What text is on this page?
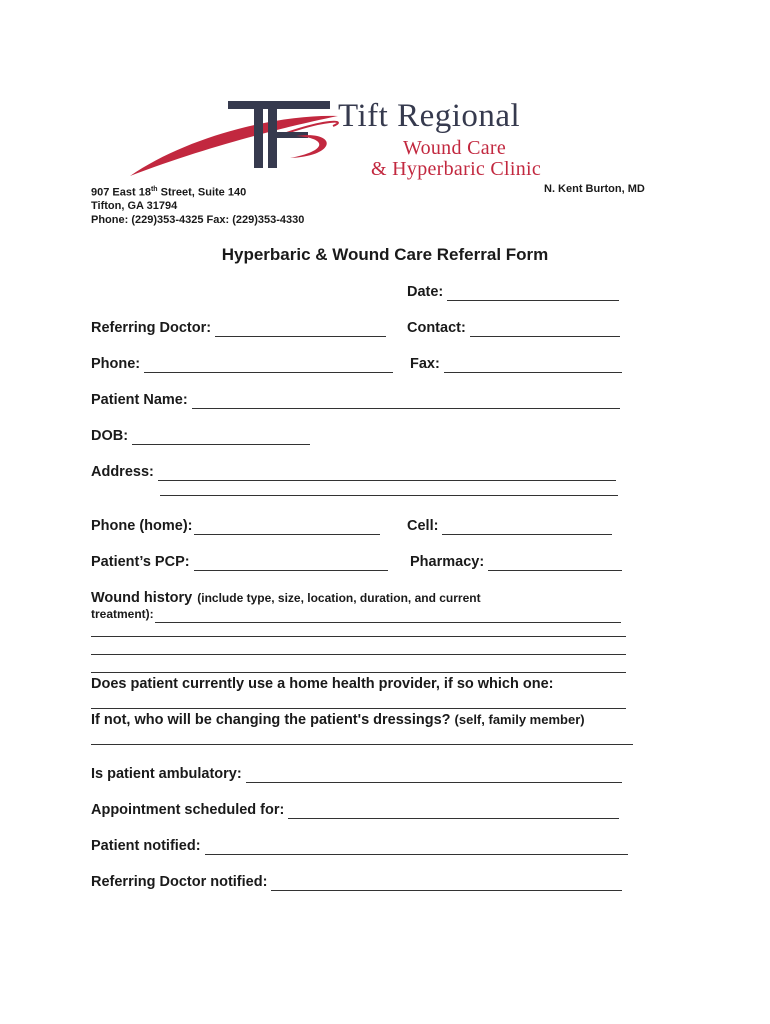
Tift Regional
Wound Care
& Hyperbaric Clinic
907 East 18th Street, Suite 140
Tifton, GA 31794
Phone: (229)353-4325 Fax: (229)353-4330
N. Kent Burton, MD
Hyperbaric & Wound Care Referral Form
Date:
Referring Doctor:	Contact:
Phone:	Fax:
Patient Name:
DOB:
Address:
Phone (home):	Cell:
Patient’s PCP:	Pharmacy:
Wound history (include type, size, location, duration, and current
treatment):
Does patient currently use a home health provider, if so which one:
If not, who will be changing the patient's dressings? (self, family member)
Is patient ambulatory:
Appointment scheduled for:
Patient notified:
Referring Doctor notified:
